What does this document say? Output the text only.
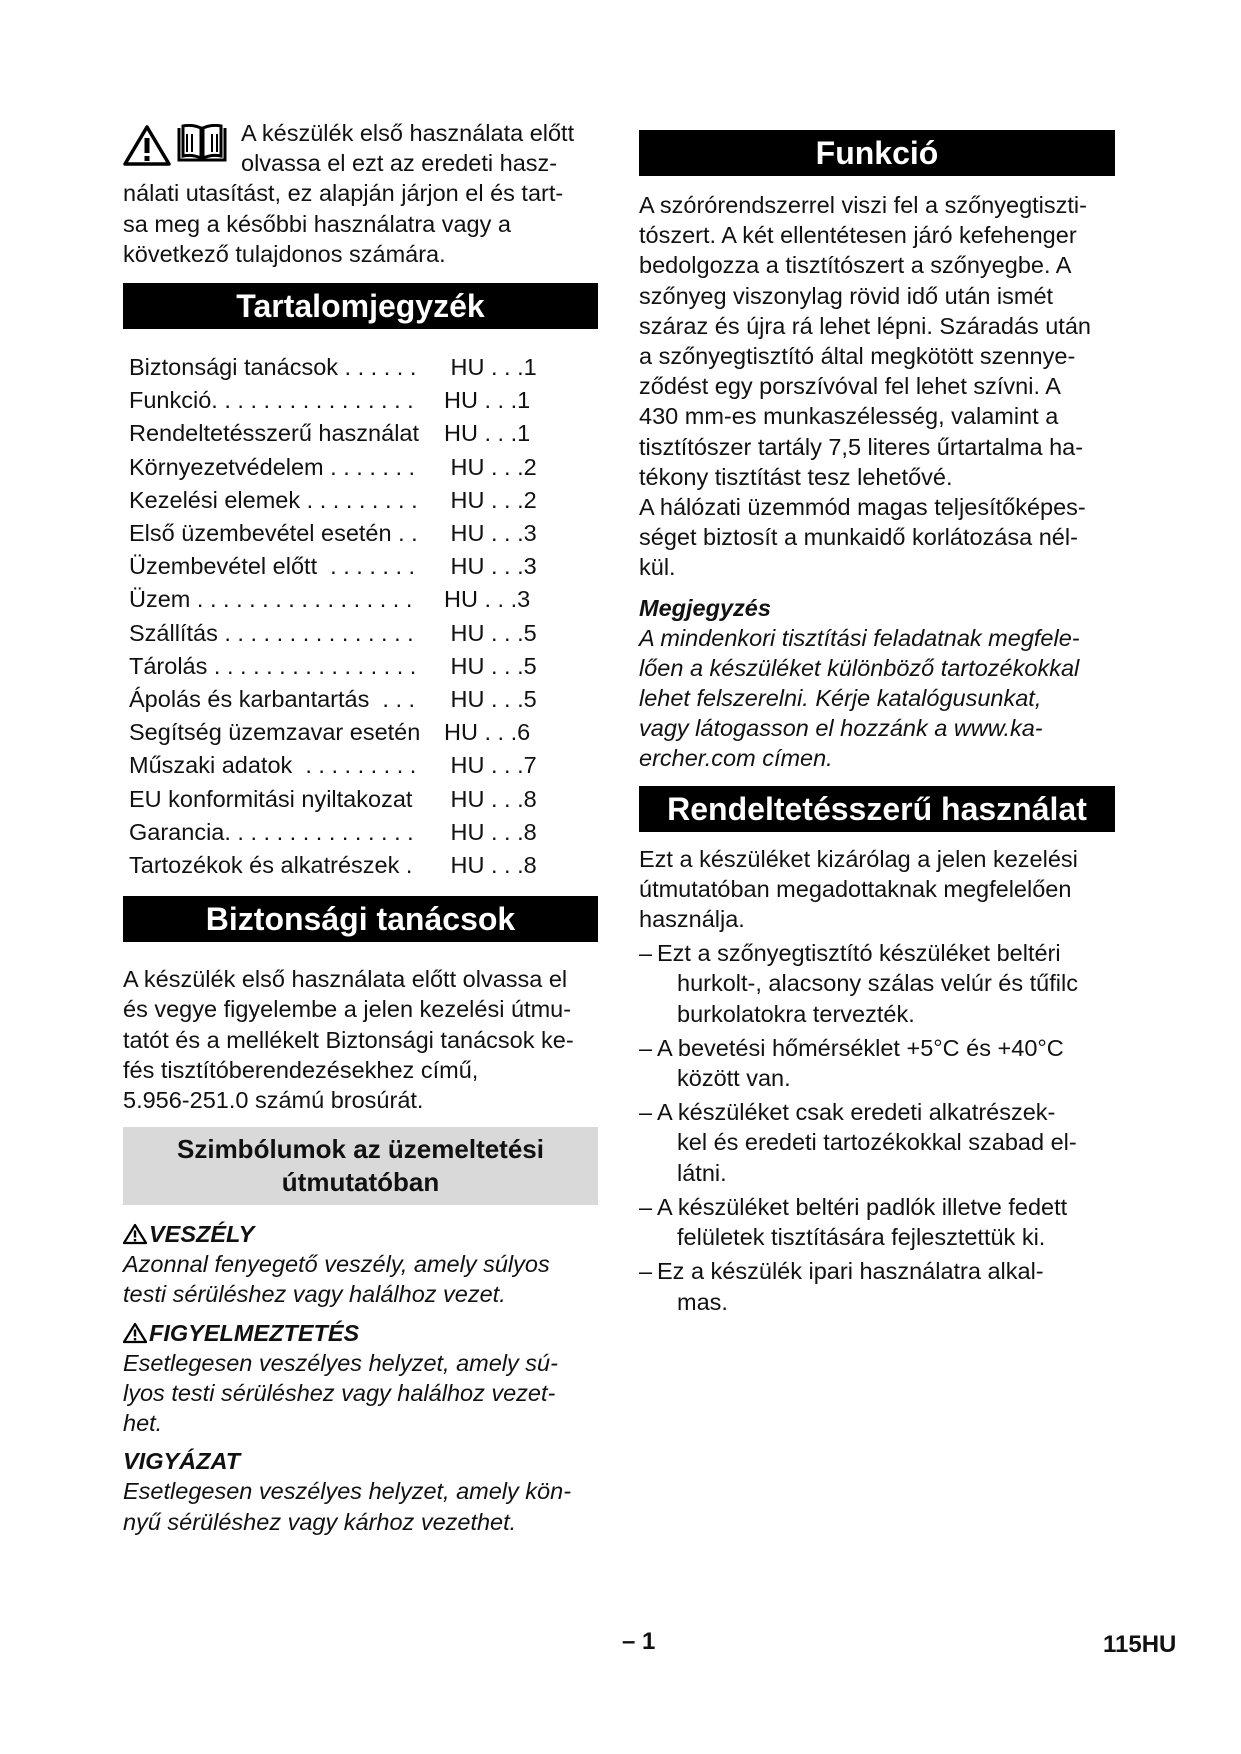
A készülék első használata előtt

olvassa el ezt az eredeti hasz-

nálati utasítást, ez alapján járjon el és tart-

sa meg a későbbi használatra vagy a

következő tulajdonos számára.

Tartalomjegyzék
Biztonsági tanácsok . . . . . .	HU . . .1
Funkció. . . . . . . . . . . . . . . .	HU . . .1
Rendeltetésszerű használat	HU . . .1
Környezetvédelem . . . . . . .	HU . . .2
Kezelési elemek . . . . . . . . .	HU . . .2
Első üzembevétel esetén . .	HU . . .3
Üzembevétel előtt  . . . . . . .	HU . . .3
Üzem . . . . . . . . . . . . . . . . .	HU . . .3
Szállítás . . . . . . . . . . . . . . .	HU . . .5
Tárolás . . . . . . . . . . . . . . . .	HU . . .5
Ápolás és karbantartás  . . .	HU . . .5
Segítség üzemzavar esetén	HU . . .6
Műszaki adatok  . . . . . . . . .	HU . . .7
EU konformitási nyiltakozat	HU . . .8
Garancia. . . . . . . . . . . . . . .	HU . . .8
Tartozékok és alkatrészek .	HU . . .8
Biztonsági tanácsok

A készülék első használata előtt olvassa el

és vegye figyelembe a jelen kezelési útmu-

tatót és a mellékelt Biztonsági tanácsok ke-

fés tisztítóberendezésekhez című,

5.956-251.0 számú brosúrát.

Szimbólumok az üzemeltetési
útmutatóban
VESZÉLY

Azonnal fenyegető veszély, amely súlyos

testi sérüléshez vagy halálhoz vezet.

FIGYELMEZTETÉS

Esetlegesen veszélyes helyzet, amely sú-

lyos testi sérüléshez vagy halálhoz vezet-

het.

VIGYÁZAT

Esetlegesen veszélyes helyzet, amely kön-

nyű sérüléshez vagy kárhoz vezethet.

Funkció

A szórórendszerrel viszi fel a szőnyegtiszti-

tószert. A két ellentétesen járó kefehenger

bedolgozza a tisztítószert a szőnyegbe. A

szőnyeg viszonylag rövid idő után ismét

száraz és újra rá lehet lépni. Száradás után

a szőnyegtisztító által megkötött szennye-

ződést egy porszívóval fel lehet szívni. A

430 mm-es munkaszélesség, valamint a

tisztítószer tartály 7,5 literes űrtartalma ha-

tékony tisztítást tesz lehetővé.

A hálózati üzemmód magas teljesítőképes-

séget biztosít a munkaidő korlátozása nél-

kül.

Megjegyzés

A mindenkori tisztítási feladatnak megfele-

lően a készüléket különböző tartozékokkal

lehet felszerelni. Kérje katalógusunkat,

vagy látogasson el hozzánk a www.ka-

ercher.com címen.

Rendeltetésszerű használat

Ezt a készüléket kizárólag a jelen kezelési

útmutatóban megadottaknak megfelelően

használja.

– Ezt a szőnyegtisztító készüléket beltéri
hurkolt-, alacsony szálas velúr és tűfilc
burkolatokra tervezték.
– A bevetési hőmérséklet +5°C és +40°C
között van.
– A készüléket csak eredeti alkatrészek-
kel és eredeti tartozékokkal szabad el-
látni.
– A készüléket beltéri padlók illetve fedett
felületek tisztítására fejlesztettük ki.
– Ez a készülék ipari használatra alkal-
mas.
– 1	115HU
